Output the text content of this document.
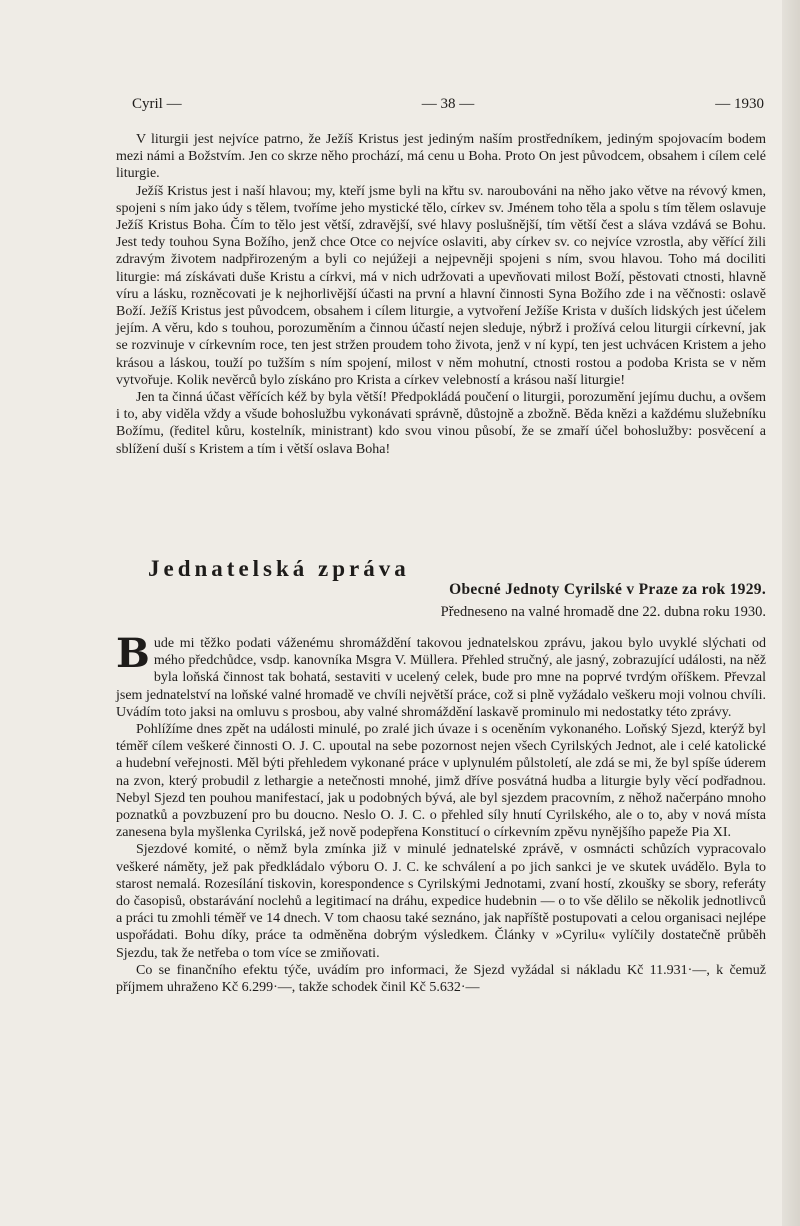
Cyril —	— 38 —	— 1930

V liturgii jest nejvíce patrno, že Ježíš Kristus jest jediným naším prostředníkem, jediným spojovacím bodem mezi námi a Božstvím. Jen co skrze něho prochází, má cenu u Boha. Proto On jest původcem, obsahem i cílem celé liturgie.

Ježíš Kristus jest i naší hlavou; my, kteří jsme byli na křtu sv. naroubováni na něho jako větve na révový kmen, spojeni s ním jako údy s tělem, tvoříme jeho mystické tělo, církev sv. Jménem toho těla a spolu s tím tělem oslavuje Ježíš Kristus Boha. Čím to tělo jest větší, zdravější, své hlavy poslušnější, tím větší čest a sláva vzdává se Bohu. Jest tedy touhou Syna Božího, jenž chce Otce co nejvíce oslaviti, aby církev sv. co nejvíce vzrostla, aby věřící žili zdravým životem nadpřirozeným a byli co nejúžeji a nejpevněji spojeni s ním, svou hlavou. Toho má dociliti liturgie: má získávati duše Kristu a církvi, má v nich udržovati a upevňovati milost Boží, pěstovati ctnosti, hlavně víru a lásku, rozněcovati je k nejhorlivější účasti na první a hlavní činnosti Syna Božího zde i na věčnosti: oslavě Boží. Ježíš Kristus jest původcem, obsahem i cílem liturgie, a vytvoření Ježíše Krista v duších lidských jest účelem jejím. A věru, kdo s touhou, porozuměním a činnou účastí nejen sleduje, nýbrž i prožívá celou liturgii církevní, jak se rozvinuje v církevním roce, ten jest stržen proudem toho života, jenž v ní kypí, ten jest uchvácen Kristem a jeho krásou a láskou, touží po tužším s ním spojení, milost v něm mohutní, ctnosti rostou a podoba Krista se v něm vytvořuje. Kolik nevěrců bylo získáno pro Krista a církev velebností a krásou naší liturgie!

Jen ta činná účast věřících kéž by byla větší! Předpokládá poučení o liturgii, porozumění jejímu duchu, a ovšem i to, aby viděla vždy a všude bohoslužbu vykonávati správně, důstojně a zbožně. Běda knězi a každému služebníku Božímu, (ředitel kůru, kostelník, ministrant) kdo svou vinou působí, že se zmaří účel bohoslužby: posvěcení a sblížení duší s Kristem a tím i větší oslava Boha!

Jednatelská zpráva
Obecné Jednoty Cyrilské v Praze za rok 1929.
Předneseno na valné hromadě dne 22. dubna roku 1930.

Bude mi těžko podati váženému shromáždění takovou jednatelskou zprávu, jakou bylo uvyklé slýchati od mého předchůdce, vsdp. kanovníka Msgra V. Müllera. Přehled stručný, ale jasný, zobrazující události, na něž byla loňská činnost tak bohatá, sestaviti v ucelený celek, bude pro mne na poprvé tvrdým oříškem. Převzal jsem jednatelství na loňské valné hromadě ve chvíli největší práce, což si plně vyžádalo veškeru moji volnou chvíli. Uvádím toto jaksi na omluvu s prosbou, aby valné shromáždění laskavě prominulo mi nedostatky této zprávy.

Pohlížíme dnes zpět na události minulé, po zralé jich úvaze i s oceněním vykonaného. Loňský Sjezd, kterýž byl téměř cílem veškeré činnosti O. J. C. upoutal na sebe pozornost nejen všech Cyrilských Jednot, ale i celé katolické a hudební veřejnosti. Měl býti přehledem vykonané práce v uplynulém půlstoletí, ale zdá se mi, že byl spíše úderem na zvon, který probudil z lethargie a netečnosti mnohé, jimž dříve posvátná hudba a liturgie byly věcí podřadnou. Nebyl Sjezd ten pouhou manifestací, jak u podobných bývá, ale byl sjezdem pracovním, z něhož načerpáno mnoho poznatků a povzbuzení pro bu doucno. Neslo O. J. C. o přehled síly hnutí Cyrilského, ale o to, aby v nová místa zanesena byla myšlenka Cyrilská, jež nově podepřena Konstitucí o církevním zpěvu nynějšího papeže Pia XI.

Sjezdové komité, o němž byla zmínka již v minulé jednatelské zprávě, v osmnácti schůzích vypracovalo veškeré náměty, jež pak předkládalo výboru O. J. C. ke schválení a po jich sankci je ve skutek uvádělo. Byla to starost nemalá. Rozesílání tiskovin, korespondence s Cyrilskými Jednotami, zvaní hostí, zkoušky se sbory, referáty do časopisů, obstarávání noclehů a legitimací na dráhu, expedice hudebnin — o to vše dělilo se několik jednotlivců a práci tu zmohli téměř ve 14 dnech. V tom chaosu také seznáno, jak napříště postupovati a celou organisaci nejlépe uspořádati. Bohu díky, práce ta odměněna dobrým výsledkem. Články v »Cyrilu« vylíčily dostatečně průběh Sjezdu, tak že netřeba o tom více se zmiňovati.

Co se finančního efektu týče, uvádím pro informaci, že Sjezd vyžádal si nákladu Kč 11.931·—, k čemuž příjmem uhraženo Kč 6.299·—, takže schodek činil Kč 5.632·—
